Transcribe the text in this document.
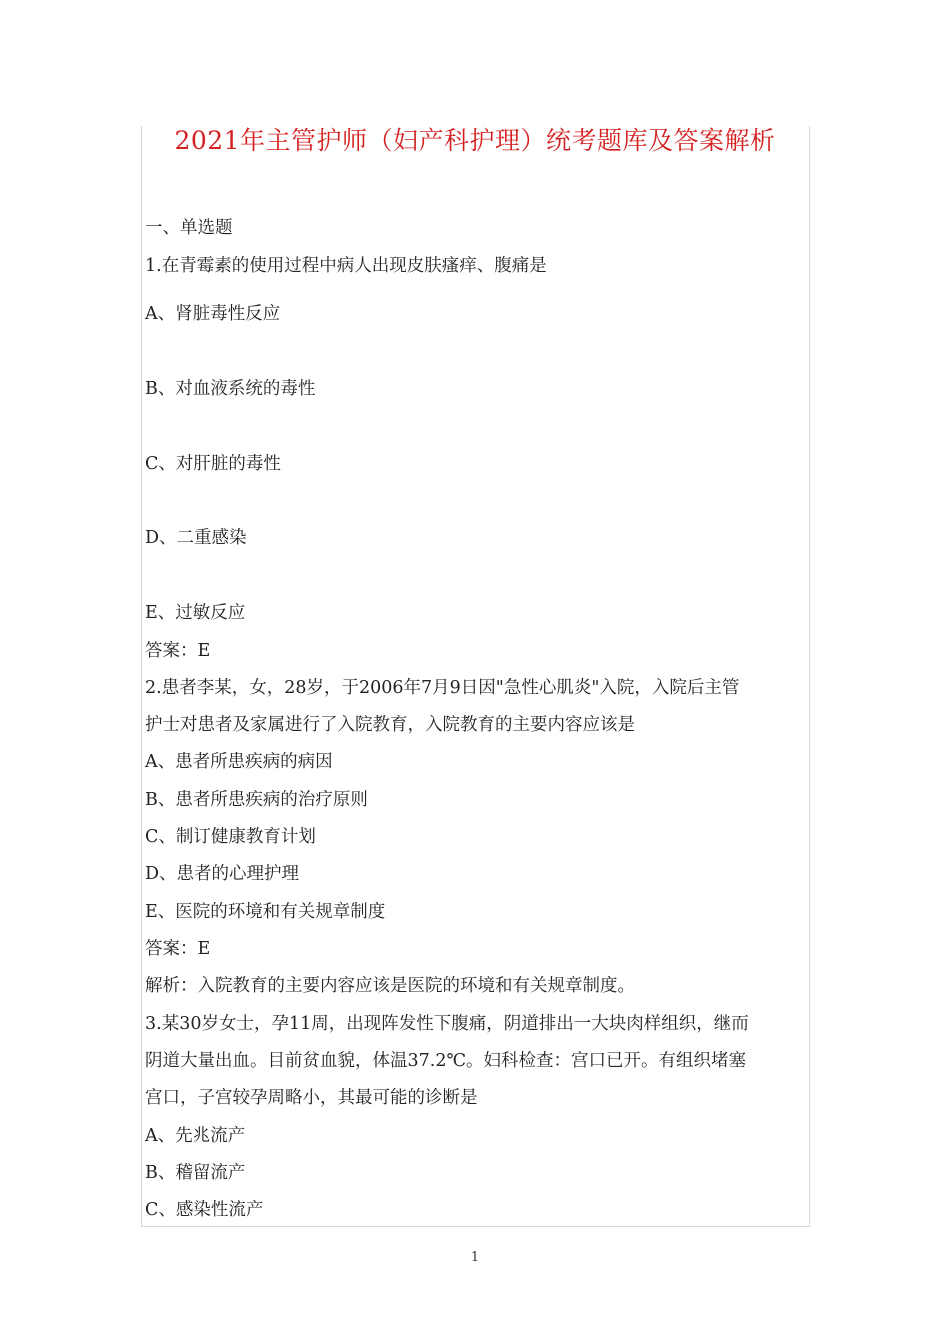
2021年主管护师（妇产科护理）统考题库及答案解析
一、单选题
1.在青霉素的使用过程中病人出现皮肤瘙痒、腹痛是
A、肾脏毒性反应
B、对血液系统的毒性
C、对肝脏的毒性
D、二重感染
E、过敏反应
答案：E
2.患者李某，女，28岁，于2006年7月9日因"急性心肌炎"入院，入院后主管
护士对患者及家属进行了入院教育，入院教育的主要内容应该是
A、患者所患疾病的病因
B、患者所患疾病的治疗原则
C、制订健康教育计划
D、患者的心理护理
E、医院的环境和有关规章制度
答案：E
解析：入院教育的主要内容应该是医院的环境和有关规章制度。
3.某30岁女士，孕11周，出现阵发性下腹痛，阴道排出一大块肉样组织，继而
阴道大量出血。目前贫血貌，体温37.2℃。妇科检查：宫口已开。有组织堵塞
宫口，子宫较孕周略小，其最可能的诊断是
A、先兆流产
B、稽留流产
C、感染性流产
1
